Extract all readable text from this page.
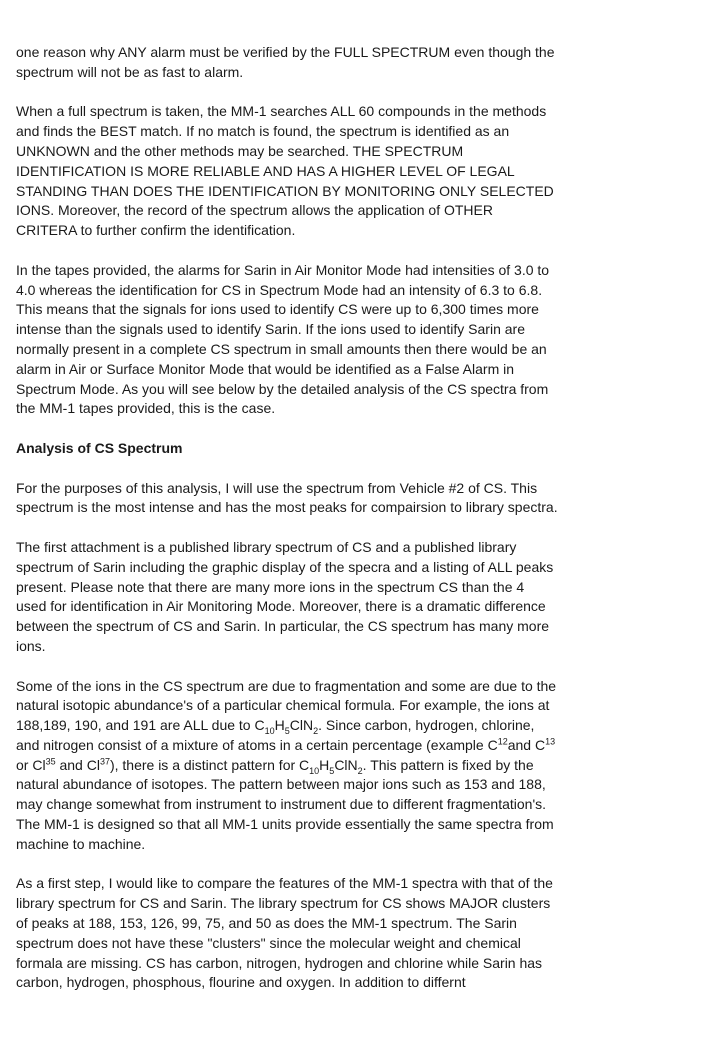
one reason why ANY alarm must be verified by the FULL SPECTRUM even though the
spectrum will not be as fast to alarm.
When a full spectrum is taken, the MM-1 searches ALL 60 compounds in the methods
and finds the BEST match. If no match is found, the spectrum is identified as an
UNKNOWN and the other methods may be searched. THE SPECTRUM
IDENTIFICATION IS MORE RELIABLE AND HAS A HIGHER LEVEL OF LEGAL
STANDING THAN DOES THE IDENTIFICATION BY MONITORING ONLY SELECTED
IONS. Moreover, the record of the spectrum allows the application of OTHER
CRITERA to further confirm the identification.
In the tapes provided, the alarms for Sarin in Air Monitor Mode had intensities of 3.0 to
4.0 whereas the identification for CS in Spectrum Mode had an intensity of 6.3 to 6.8.
This means that the signals for ions used to identify CS were up to 6,300 times more
intense than the signals used to identify Sarin. If the ions used to identify Sarin are
normally present in a complete CS spectrum in small amounts then there would be an
alarm in Air or Surface Monitor Mode that would be identified as a False Alarm in
Spectrum Mode. As you will see below by the detailed analysis of the CS spectra from
the MM-1 tapes provided, this is the case.
Analysis of CS Spectrum
For the purposes of this analysis, I will use the spectrum from Vehicle #2 of CS. This
spectrum is the most intense and has the most peaks for compairsion to library spectra.
The first attachment is a published library spectrum of CS and a published library
spectrum of Sarin including the graphic display of the specra and a listing of ALL peaks
present. Please note that there are many more ions in the spectrum CS than the 4
used for identification in Air Monitoring Mode. Moreover, there is a dramatic difference
between the spectrum of CS and Sarin. In particular, the CS spectrum has many more
ions.
Some of the ions in the CS spectrum are due to fragmentation and some are due to the
natural isotopic abundance's of a particular chemical formula. For example, the ions at
188,189, 190, and 191 are ALL due to $C_{10}H_5ClN_2$. Since carbon, hydrogen, chlorine,
and nitrogen consist of a mixture of atoms in a certain percentage (example $C^{12}and$ $C^{13}$
or Cl$^{35}$ and Cl$^{37}$), there is a distinct pattern for $C_{10}H_5ClN_2$. This pattern is fixed by the
natural abundance of isotopes. The pattern between major ions such as 153 and 188,
may change somewhat from instrument to instrument due to different fragmentation's.
The MM-1 is designed so that all MM-1 units provide essentially the same spectra from
machine to machine.
As a first step, I would like to compare the features of the MM-1 spectra with that of the
library spectrum for CS and Sarin. The library spectrum for CS shows MAJOR clusters
of peaks at 188, 153, 126, 99, 75, and 50 as does the MM-1 spectrum. The Sarin
spectrum does not have these "clusters" since the molecular weight and chemical
formala are missing. CS has carbon, nitrogen, hydrogen and chlorine while Sarin has
carbon, hydrogen, phosphous, flourine and oxygen. In addition to differnt
